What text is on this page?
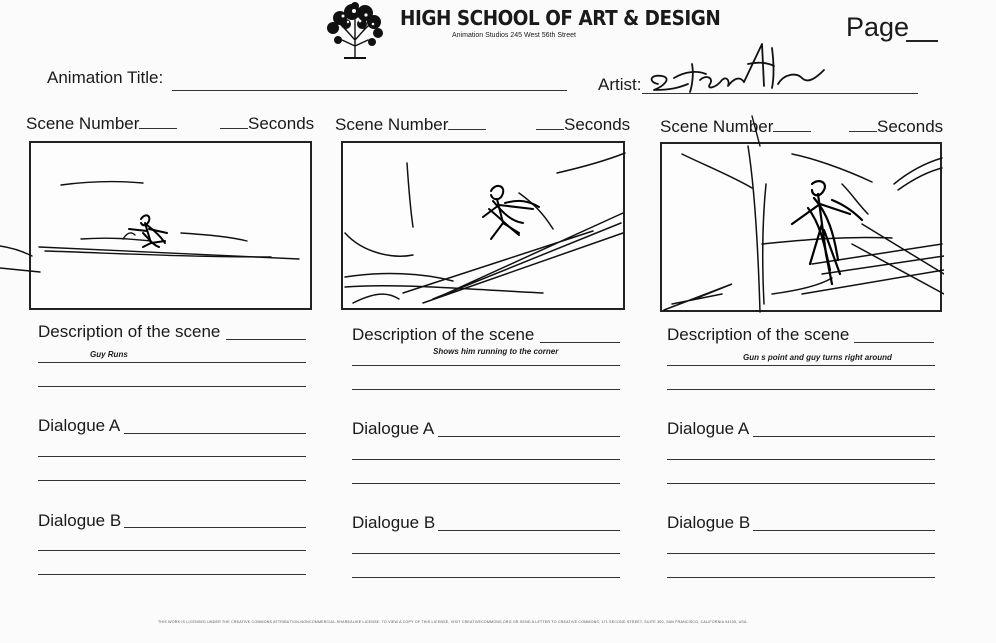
HIGH SCHOOL OF ART & DESIGN
Animation Studios 245 West 56th Street	Page
Animation Title:	Artist:
Scene Number	Seconds Scene Number	Seconds Scene Number	Seconds
Description of the scene
Guy Runs
Dialogue A
Dialogue B
Description of the scene
Shows him running to the corner
Dialogue A
Dialogue B
Description of the scene
Gun s point and guy turns right around
Dialogue A
Dialogue B
THIS WORK IS LICENSED UNDER THE CREATIVE COMMONS ATTRIBUTION-NONCOMMERCIAL-SHAREALIKE LICENSE. TO VIEW A COPY OF THIS LICENSE, VISIT CREATIVECOMMONS.ORG OR SEND A LETTER TO CREATIVE COMMONS, 171 SECOND STREET, SUITE 300, SAN FRANCISCO, CALIFORNIA 94105, USA.
